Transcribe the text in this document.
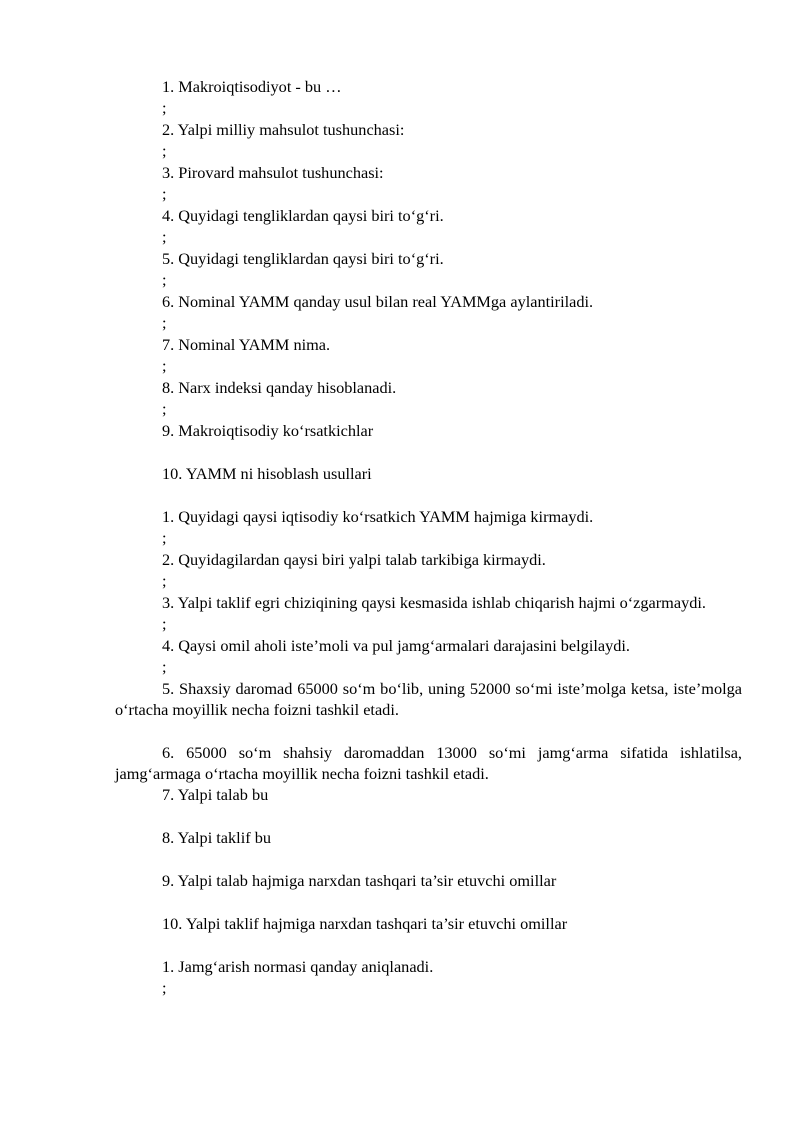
1. Makroiqtisodiyot - bu …

;

2. Yalpi milliy mahsulot tushunchasi:

;

3. Pirovard mahsulot tushunchasi:

;

4. Quyidagi tengliklardan qaysi biri to‘g‘ri.

;

5. Quyidagi tengliklardan qaysi biri to‘g‘ri.

;

6. Nominal YAMM qanday usul bilan real YAMMga aylantiriladi.

;

7. Nominal YAMM nima.

;

8. Narx indeksi qanday hisoblanadi.

;

9. Makroiqtisodiy ko‘rsatkichlar

10. YAMM ni hisoblash usullari

1. Quyidagi qaysi iqtisodiy ko‘rsatkich YAMM hajmiga kirmaydi.

;

2. Quyidagilardan qaysi biri yalpi talab tarkibiga kirmaydi.

;

3. Yalpi taklif egri chiziqining qaysi kesmasida ishlab chiqarish hajmi o‘zgarmaydi.

;

4. Qaysi omil aholi iste’moli va pul jamg‘armalari darajasini belgilaydi.

;

5. Shaxsiy daromad 65000 so‘m bo‘lib, uning 52000 so‘mi iste’molga ketsa, iste’molga o‘rtacha moyillik necha foizni tashkil etadi.

6. 65000 so‘m shahsiy daromaddan 13000 so‘mi jamg‘arma sifatida ishlatilsa, jamg‘armaga o‘rtacha moyillik necha foizni tashkil etadi.

7. Yalpi talab bu

8. Yalpi taklif bu

9. Yalpi talab hajmiga narxdan tashqari ta’sir etuvchi omillar

10. Yalpi taklif hajmiga narxdan tashqari ta’sir etuvchi omillar

1. Jamg‘arish normasi qanday aniqlanadi.

;
